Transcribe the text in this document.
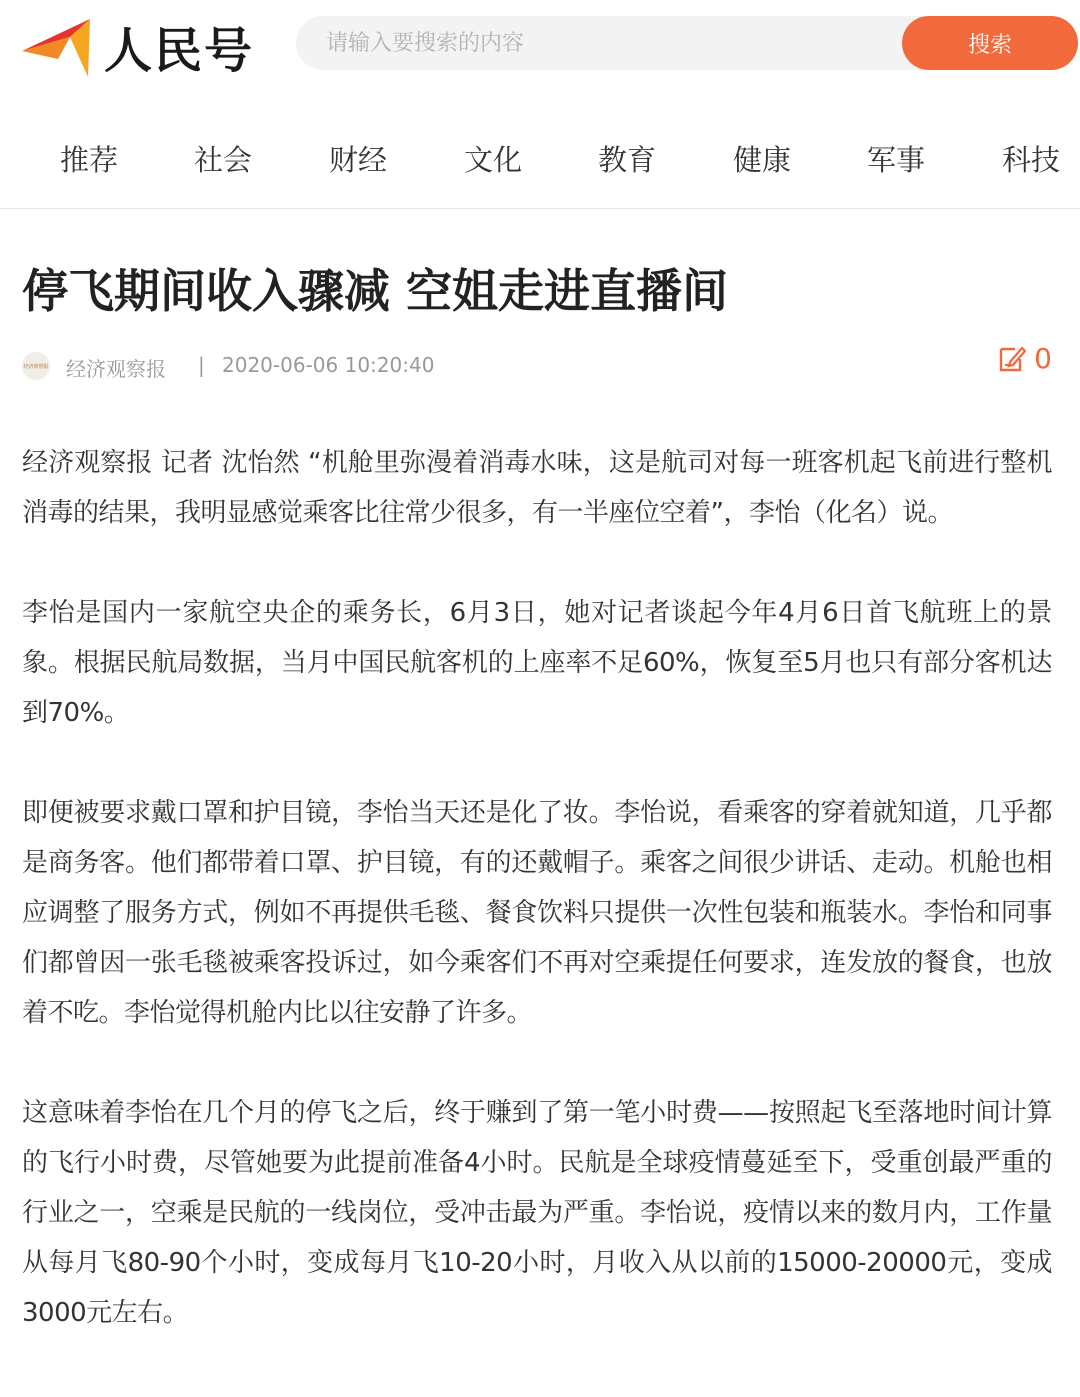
人民号
请输入要搜索的内容	搜索
推荐	社会	财经	文化	教育	健康	军事	科技
停飞期间收入骤减 空姐走进直播间
经济观察报 经济观察报 | 2020-06-06 10:20:40	0

经济观察报 记者 沈怡然 “机舱里弥漫着消毒水味，这是航司对每一班客机起飞前进行整机消毒的结果，我明显感觉乘客比往常少很多，有一半座位空着”，李怡（化名）说。

李怡是国内一家航空央企的乘务长，6月3日，她对记者谈起今年4月6日首飞航班上的景象。根据民航局数据，当月中国民航客机的上座率不足60%，恢复至5月也只有部分客机达到70%。

即便被要求戴口罩和护目镜，李怡当天还是化了妆。李怡说，看乘客的穿着就知道，几乎都是商务客。他们都带着口罩、护目镜，有的还戴帽子。乘客之间很少讲话、走动。机舱也相应调整了服务方式，例如不再提供毛毯、餐食饮料只提供一次性包装和瓶装水。李怡和同事们都曾因一张毛毯被乘客投诉过，如今乘客们不再对空乘提任何要求，连发放的餐食，也放着不吃。李怡觉得机舱内比以往安静了许多。

这意味着李怡在几个月的停飞之后，终于赚到了第一笔小时费——按照起飞至落地时间计算的飞行小时费，尽管她要为此提前准备4小时。民航是全球疫情蔓延至下，受重创最严重的行业之一，空乘是民航的一线岗位，受冲击最为严重。李怡说，疫情以来的数月内，工作量从每月飞80-90个小时，变成每月飞10-20小时，月收入从以前的15000-20000元，变成3000元左右。
